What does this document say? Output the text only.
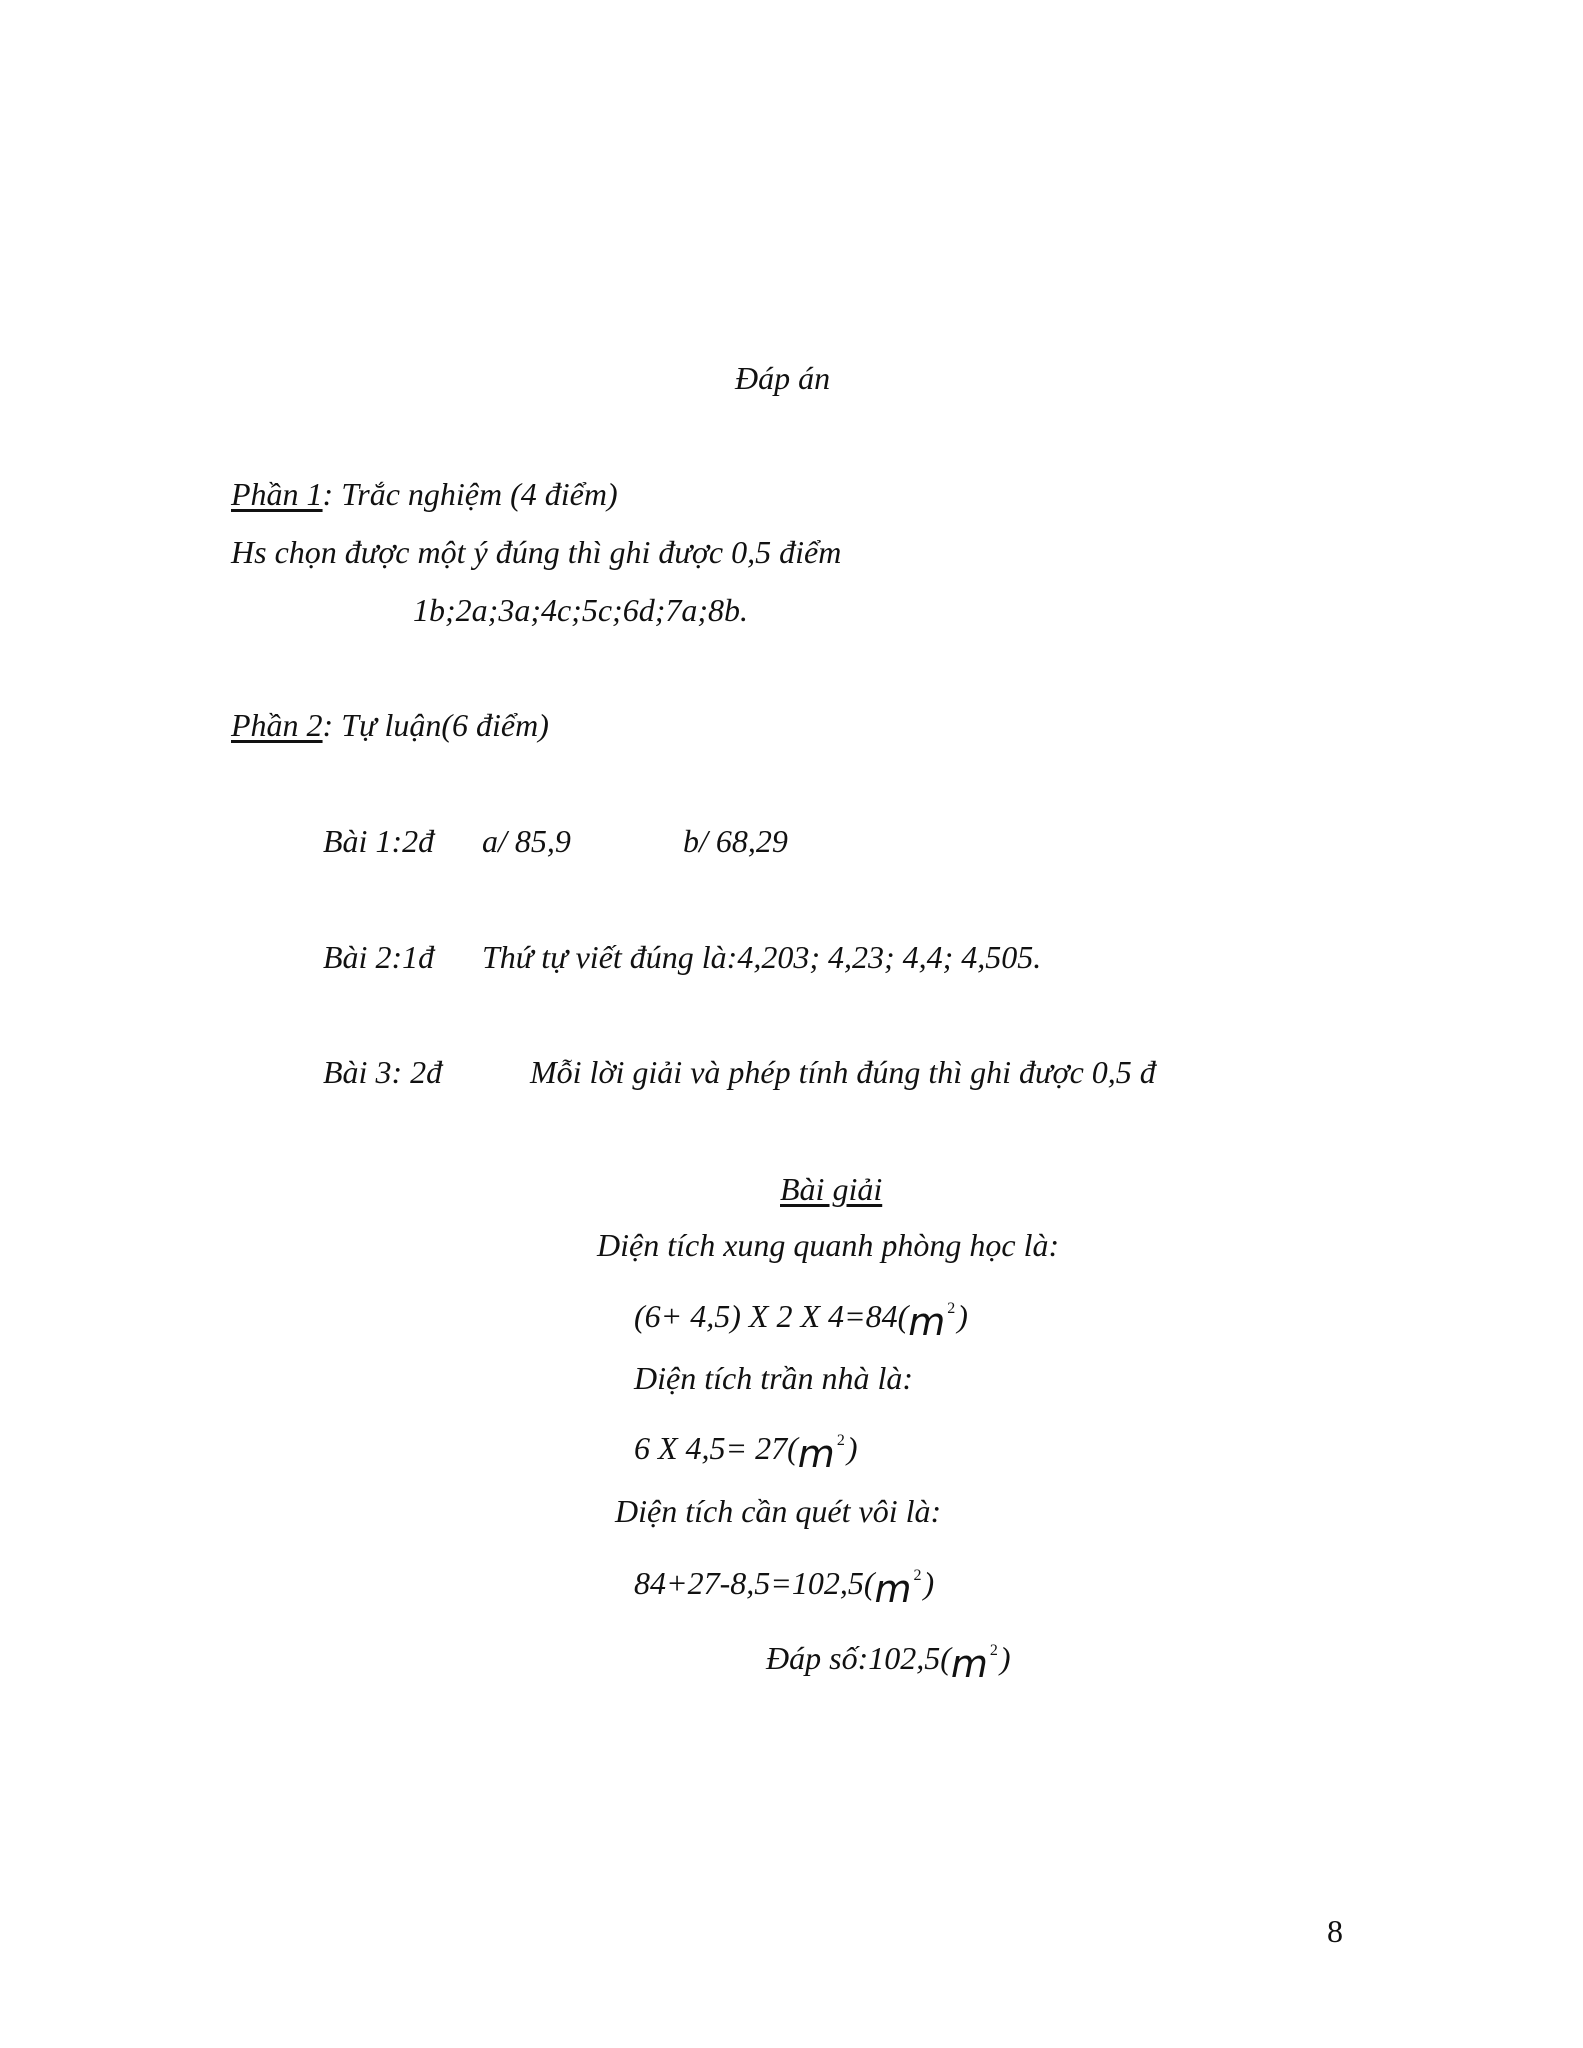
Đáp án
Phần 1: Trắc nghiệm (4 điểm)
Hs chọn được một ý đúng thì ghi được 0,5 điểm
1b;2a;3a;4c;5c;6d;7a;8b.
Phần 2: Tự luận(6 điểm)
Bài 1:2đ a/ 85,9	b/ 68,29
Bài 2:1đ Thứ tự viết đúng là:4,203; 4,23; 4,4; 4,505.
Bài 3: 2đ	Mỗi lời giải và phép tính đúng thì ghi được 0,5 đ
Bài giải
Diện tích xung quanh phòng học là:
(6+ 4,5) X 2 X 4=84(m $^2$)
Diện tích trần nhà là:
6 X 4,5= 27(m $^2$)
Diện tích cần quét vôi là:
84+27-8,5=102,5(m $^2$)
Đáp số:102,5(m $^2$)
8
